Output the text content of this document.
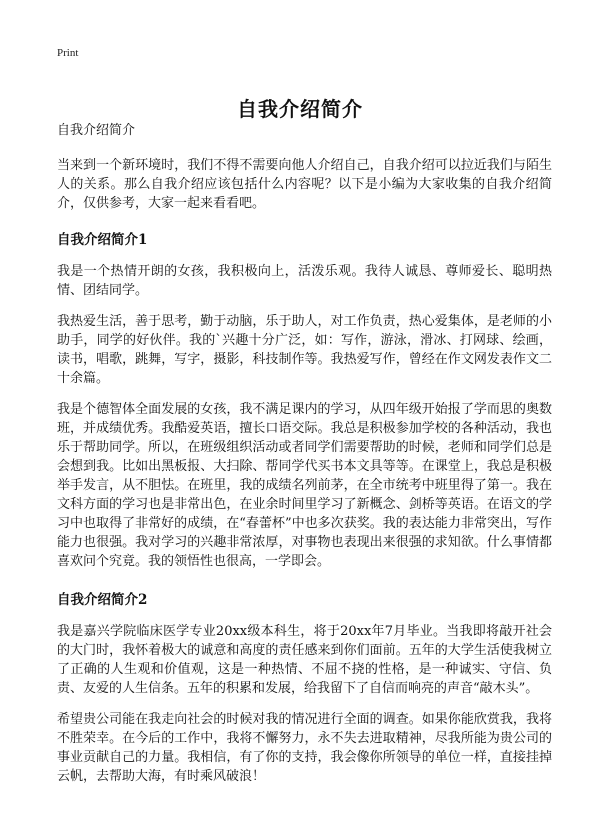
Print
自我介绍简介
自我介绍简介

当来到一个新环境时，我们不得不需要向他人介绍自己，自我介绍可以拉近我们与陌生人的关系。那么自我介绍应该包括什么内容呢？以下是小编为大家收集的自我介绍简介，仅供参考，大家一起来看看吧。

自我介绍简介1

我是一个热情开朗的女孩，我积极向上，活泼乐观。我待人诚恳、尊师爱长、聪明热情、团结同学。

我热爱生活，善于思考，勤于动脑，乐于助人，对工作负责，热心爱集体，是老师的小助手，同学的好伙伴。我的`兴趣十分广泛，如：写作，游泳，滑冰、打网球、绘画，读书，唱歌，跳舞，写字，摄影，科技制作等。我热爱写作，曾经在作文网发表作文二十余篇。

我是个德智体全面发展的女孩，我不满足课内的学习，从四年级开始报了学而思的奥数班，并成绩优秀。我酷爱英语，擅长口语交际。我总是积极参加学校的各种活动，我也乐于帮助同学。所以，在班级组织活动或者同学们需要帮助的时候，老师和同学们总是会想到我。比如出黑板报、大扫除、帮同学代买书本文具等等。在课堂上，我总是积极举手发言，从不胆怯。在班里，我的成绩名列前茅，在全市统考中班里得了第一。我在文科方面的学习也是非常出色，在业余时间里学习了新概念、剑桥等英语。在语文的学习中也取得了非常好的成绩，在“春蕾杯”中也多次获奖。我的表达能力非常突出，写作能力也很强。我对学习的兴趣非常浓厚，对事物也表现出来很强的求知欲。什么事情都喜欢问个究竟。我的领悟性也很高，一学即会。

自我介绍简介2

我是嘉兴学院临床医学专业20xx级本科生，将于20xx年7月毕业。当我即将敲开社会的大门时，我怀着极大的诚意和高度的责任感来到你们面前。五年的大学生活使我树立了正确的人生观和价值观，这是一种热情、不屈不挠的性格，是一种诚实、守信、负责、友爱的人生信条。五年的积累和发展，给我留下了自信而响亮的声音“敲木头”。

希望贵公司能在我走向社会的时候对我的情况进行全面的调查。如果你能欣赏我，我将不胜荣幸。在今后的工作中，我将不懈努力，永不失去进取精神，尽我所能为贵公司的事业贡献自己的力量。我相信，有了你的支持，我会像你所领导的单位一样，直接挂掉云帆，去帮助大海，有时乘风破浪！
